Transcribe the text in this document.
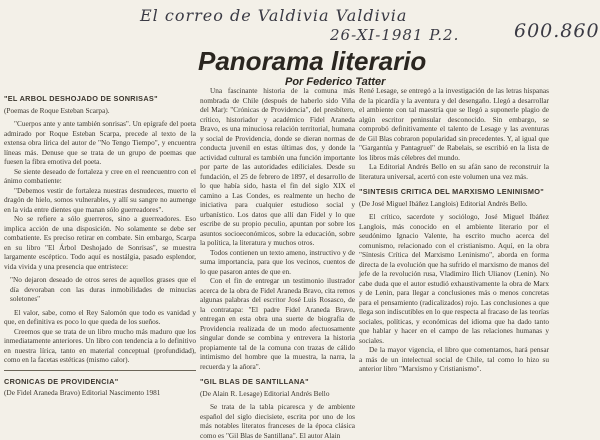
El correo de Valdivia Valdivia
26-XI-1981 P.2.	600.860
Panorama literario
Por Federico Tatter

"EL ARBOL DESHOJADO DE SONRISAS"

(Poemas de Roque Esteban Scarpa).

"Cuerpos ante y ante también sonrisas". Un epígrafe del poeta admirado por Roque Esteban Scarpa, precede al texto de la extensa obra lírica del autor de "No Tengo Tiempo", y encuentra líneas más. Denuse que se trata de un grupo de poemas que fuesen la fibra emotiva del poeta.

Se siente deseado de fortaleza y cree en el reencuentro con el ánimo combatiente:

"Debemos vestir de fortaleza nuestras desnudeces, muerto el dragón de hielo, somos vulnerables, y allí su sangre no aumenge en la vida entre dientes que manan sólo guerreadores".

No se refiere a sólo guerreros, sino a guerreadores. Eso implica acción de una disposición. No solamente se debe ser combatiente. Es preciso retirar en combate. Sin embargo, Scarpa en su libro "El Árbol Deshojado de Sonrisas", se muestra largamente escéptico. Todo aquí es nostálgia, pasado esplendor, vida vivida y una presencia que entristece:

"No dejaron deseado de otros seres de aquellos grases que el día devoraban con las duras inmobilidades de minucias soletones"

El valor, sabe, como el Rey Salomón que todo es vanidad y que, en definitiva es poco lo que queda de los sueños.

Creemos que se trata de un libro mucho más maduro que los inmediatamente anteriores. Un libro con tendencia a lo definitivo en nuestra lírica, tanto en material conceptual (profundidad), como en la facetas estéticas (mismo calor).

CRONICAS DE PROVIDENCIA"

(De Fidel Araneda Bravo) Editorial Nascimento 1981

Una fascinante historia de la comuna más nombrada de Chile (después de haberlo sido Viña del Mar): "Crónicas de Providencia", del presbítero, crítico, historiador y académico Fidel Araneda Bravo, es una minuciosa relación territorial, humana y social de Providencia, donde se dieran normas de conducta juvenil en estas últimas dos, y donde la actividad cultural es también una función importante por parte de las autoridades ediliciales. Desde su fundación, el 25 de febrero de 1897, el desarrollo de lo que había sido, hasta el fin del siglo XIX el camino a Las Condes, es realmente un hecho de iniciativa para cualquier estudioso social y urbanístico. Los datos que allí dan Fidel y lo que escribe de su propio peculio, apuntan por sobre los asuntos socioeconómicos, sobre la educación, sobre la política, la literatura y muchos otros.

Todos contienen un texto ameno, instructivo y de suma importancia, para que los vecinos, cuentos de lo que pasaron antes de que en.

Con el fin de entregar un testimonio ilustrador acerca de la obra de Fidel Araneda Bravo, cita remos algunas palabras del escritor José Luis Rosasco, de la contratapa: "El padre Fidel Araneda Bravo, entregan en esta obra una suerte de biografía de Providencia realizada de un modo afectuosamente singular donde se combina y entrevera la historia propiamente tal de la comuna con trazas de cálido intimismo del hombre que la muestra, la narra, la recuerda y la añora".

"GIL BLAS DE SANTILLANA"

(De Alain R. Lesage) Editorial Andrés Bello

Se trata de la tabla picaresca y de ambiente español del siglo diecisiete, escrita por uno de los más notables literatos franceses de la época clásica como es "Gil Blas de Santillana". El autor Alain

René Lesage, se entregó a la investigación de las letras hispanas de la picardía y la aventura y del desengaño. Llegó a desarrollar el ambiente con tal maestría que se llegó a suponerle plagio de algún escritor peninsular desconocido. Sin embargo, se comprobó definitivamente el talento de Lesage y las aventuras de Gil Blas cobraron popularidad sin precedentes. Y, al igual que "Gargantúa y Pantagruel" de Rabelais, se escribió en la lista de los libros más célebres del mundo.

La Editorial Andrés Bello en su afán sano de reconstruir la literatura universal, acertó con este volumen una vez más.

"SINTESIS CRITICA DEL MARXISMO LENINISMO"

(De José Miguel Ibáñez Langlois) Editorial Andrés Bello.

El crítico, sacerdote y sociólogo, José Miguel Ibáñez Langlois, más conocido en el ambiente literario por el seudónimo Ignacio Valente, ha escrito mucho acerca del comunismo, relacionado con el cristianismo. Aquí, en la obra "Síntesis Crítica del Marxismo Leninismo", aborda en forma directa de la evolución que ha sufrido el marxismo de manos del jefe de la revolución rusa, Vladimiro Ilich Ulianov (Lenin). No cabe duda que el autor estudió exhaustivamente la obra de Marx y de Lenin, para llegar a conclusiones más o menos concretas para el pensamiento (radicalizados) rojo. Las conclusiones a que llega son indiscutibles en lo que respecta al fracaso de las teorías sociales, políticas, y económicas del idioma que ha dado tanto que hablar y hacer en el campo de las relaciones humanas y sociales.

De la mayor vigencia, el libro que comentamos, hará pensar a más de un intelectual social de Chile, tal como lo hizo su anterior libro "Marxismo y Cristianismo".
